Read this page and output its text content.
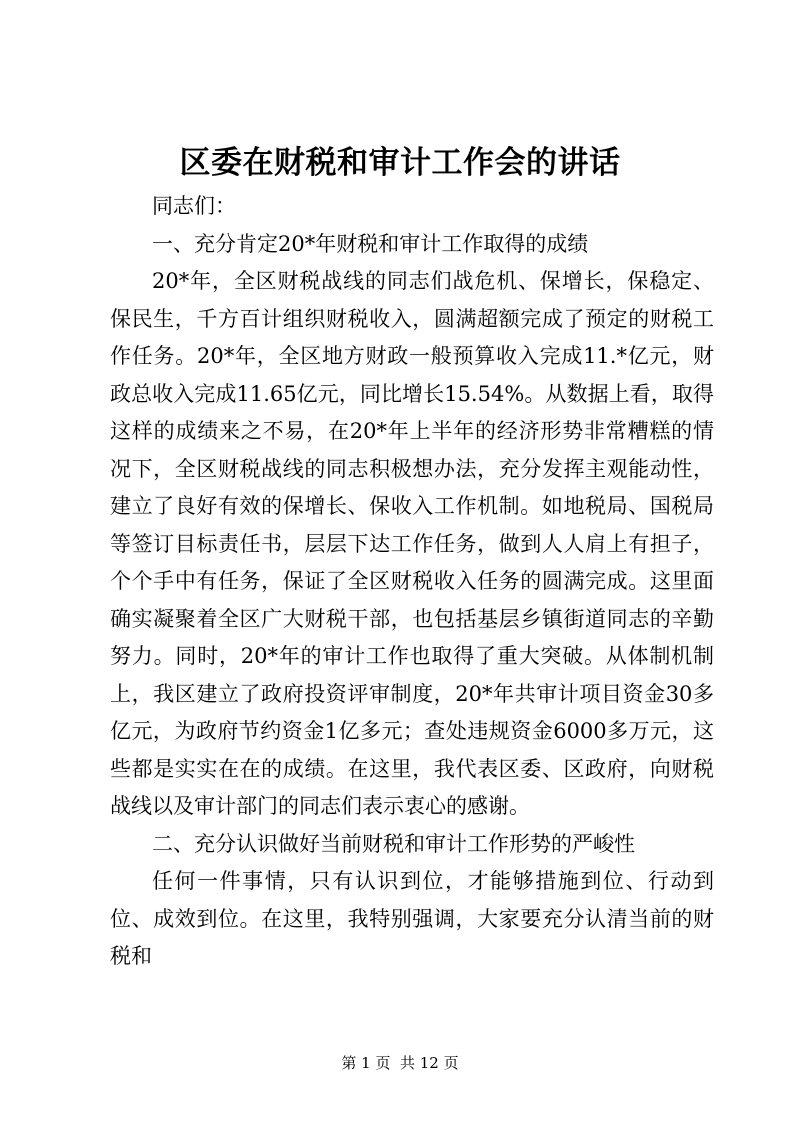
区委在财税和审计工作会的讲话

同志们：

一、充分肯定20*年财税和审计工作取得的成绩

20*年，全区财税战线的同志们战危机、保增长，保稳定、保民生，千方百计组织财税收入，圆满超额完成了预定的财税工作任务。20*年，全区地方财政一般预算收入完成11.*亿元，财政总收入完成11.65亿元，同比增长15.54%。从数据上看，取得这样的成绩来之不易，在20*年上半年的经济形势非常糟糕的情况下，全区财税战线的同志积极想办法，充分发挥主观能动性，建立了良好有效的保增长、保收入工作机制。如地税局、国税局等签订目标责任书，层层下达工作任务，做到人人肩上有担子，个个手中有任务，保证了全区财税收入任务的圆满完成。这里面确实凝聚着全区广大财税干部，也包括基层乡镇街道同志的辛勤努力。同时，20*年的审计工作也取得了重大突破。从体制机制上，我区建立了政府投资评审制度，20*年共审计项目资金30多亿元，为政府节约资金1亿多元；查处违规资金6000多万元，这些都是实实在在的成绩。在这里，我代表区委、区政府，向财税战线以及审计部门的同志们表示衷心的感谢。

二、充分认识做好当前财税和审计工作形势的严峻性

任何一件事情，只有认识到位，才能够措施到位、行动到位、成效到位。在这里，我特别强调，大家要充分认清当前的财税和

第 1 页  共 12 页
